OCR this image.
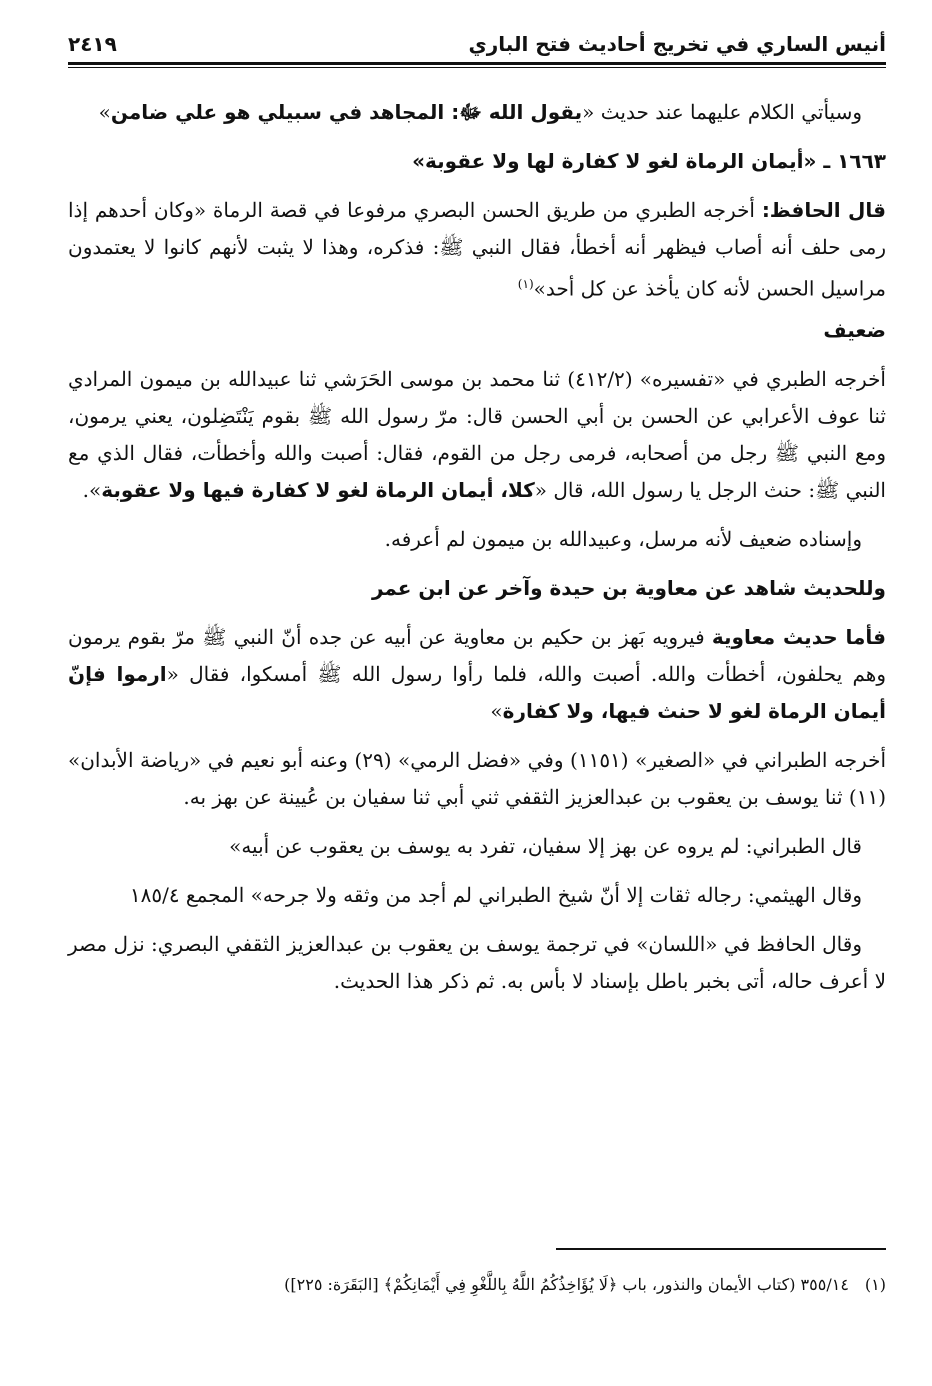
أنيس الساري في تخريج أحاديث فتح الباري
٢٤١٩

وسيأتي الكلام عليهما عند حديث «يقول الله ﷻ: المجاهد في سبيلي هو علي ضامن»

١٦٦٣ ـ «أيمان الرماة لغو لا كفارة لها ولا عقوبة»

قال الحافظ: أخرجه الطبري من طريق الحسن البصري مرفوعا في قصة الرماة «وكان أحدهم إذا رمى حلف أنه أصاب فيظهر أنه أخطأ، فقال النبي ﷺ: فذكره، وهذا لا يثبت لأنهم كانوا لا يعتمدون مراسيل الحسن لأنه كان يأخذ عن كل أحد»$^{(١)}$

ضعيف

أخرجه الطبري في «تفسيره» (٤١٢/٢) ثنا محمد بن موسى الحَرَشي ثنا عبيدالله بن ميمون المرادي ثنا عوف الأعرابي عن الحسن بن أبي الحسن قال: مرّ رسول الله ﷺ بقوم يَنْتَضِلون، يعني يرمون، ومع النبي ﷺ رجل من أصحابه، فرمى رجل من القوم، فقال: أصبت والله وأخطأت، فقال الذي مع النبي ﷺ: حنث الرجل يا رسول الله، قال «كلا، أيمان الرماة لغو لا كفارة فيها ولا عقوبة».

وإسناده ضعيف لأنه مرسل، وعبيدالله بن ميمون لم أعرفه.

وللحديث شاهد عن معاوية بن حيدة وآخر عن ابن عمر

فأما حديث معاوية فيرويه بَهز بن حكيم بن معاوية عن أبيه عن جده أنّ النبي ﷺ مرّ بقوم يرمون وهم يحلفون، أخطأت والله. أصبت والله، فلما رأوا رسول الله ﷺ أمسكوا، فقال «ارموا فإنّ أيمان الرماة لغو لا حنث فيها، ولا كفارة»

أخرجه الطبراني في «الصغير» (١١٥١) وفي «فضل الرمي» (٢٩) وعنه أبو نعيم في «رياضة الأبدان» (١١) ثنا يوسف بن يعقوب بن عبدالعزيز الثقفي ثني أبي ثنا سفيان بن عُيينة عن بهز به.

قال الطبراني: لم يروه عن بهز إلا سفيان، تفرد به يوسف بن يعقوب عن أبيه»

وقال الهيثمي: رجاله ثقات إلا أنّ شيخ الطبراني لم أجد من وثقه ولا جرحه» المجمع ١٨٥/٤

وقال الحافظ في «اللسان» في ترجمة يوسف بن يعقوب بن عبدالعزيز الثقفي البصري: نزل مصر لا أعرف حاله، أتى بخبر باطل بإسناد لا بأس به. ثم ذكر هذا الحديث.

(١)٣٥٥/١٤ (كتاب الأيمان والنذور، باب ﴿لَا يُؤَاخِذُكُمُ اللَّهُ بِاللَّغْوِ فِي أَيْمَانِكُمْ﴾ [البَقَرَة: ٢٢٥])
